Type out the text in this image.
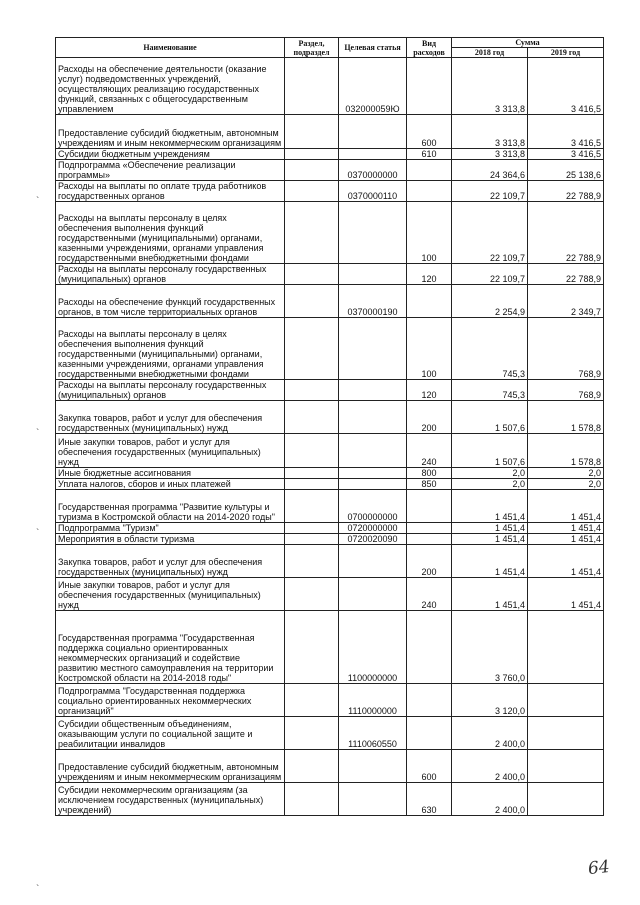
Наименование	Раздел, подраздел	Целевая статья	Вид расходов	Сумма	
				2018 год	2019 год
Расходы на обеспечение деятельности (оказание услуг) подведомственных учреждений, осуществляющих реализацию государственных функций, связанных с общегосударственным управлением		032000059Ю		3 313,8	3 416,5
Предоставление субсидий бюджетным, автономным учреждениям и иным некоммерческим организациям			600	3 313,8	3 416,5
Субсидии бюджетным учреждениям			610	3 313,8	3 416,5
Подпрограмма «Обеспечение реализации программы»		0370000000		24 364,6	25 138,6
Расходы на выплаты по оплате труда работников государственных органов		0370000110		22 109,7	22 788,9
Расходы на выплаты персоналу в целях обеспечения выполнения функций государственными (муниципальными) органами, казенными учреждениями, органами управления государственными внебюджетными фондами			100	22 109,7	22 788,9
Расходы на выплаты персоналу государственных (муниципальных) органов			120	22 109,7	22 788,9
Расходы на обеспечение функций государственных органов, в том числе территориальных органов		0370000190		2 254,9	2 349,7
Расходы на выплаты персоналу в целях обеспечения выполнения функций государственными (муниципальными) органами, казенными учреждениями, органами управления государственными внебюджетными фондами			100	745,3	768,9
Расходы на выплаты персоналу государственных (муниципальных) органов			120	745,3	768,9
Закупка товаров, работ и услуг для обеспечения государственных (муниципальных) нужд			200	1 507,6	1 578,8
Иные закупки товаров, работ и услуг для обеспечения государственных (муниципальных) нужд			240	1 507,6	1 578,8
Иные бюджетные ассигнования			800	2,0	2,0
Уплата налогов, сборов и иных платежей			850	2,0	2,0
Государственная программа "Развитие культуры и туризма в Костромской области на 2014-2020 годы"		0700000000		1 451,4	1 451,4
Подпрограмма "Туризм"		0720000000		1 451,4	1 451,4
Мероприятия в области туризма		0720020090		1 451,4	1 451,4
Закупка товаров, работ и услуг для обеспечения государственных (муниципальных) нужд			200	1 451,4	1 451,4
Иные закупки товаров, работ и услуг для обеспечения государственных (муниципальных) нужд			240	1 451,4	1 451,4
Государственная программа "Государственная поддержка социально ориентированных некоммерческих организаций и содействие развитию местного самоуправления на территории Костромской области на 2014-2018 годы"		1100000000		3 760,0	
Подпрограмма "Государственная поддержка социально ориентированных некоммерческих организаций"		1110000000		3 120,0	
Субсидии общественным объединениям, оказывающим услуги по социальной защите и реабилитации инвалидов		1110060550		2 400,0	
Предоставление субсидий бюджетным, автономным учреждениям и иным некоммерческим организациям			600	2 400,0	
Субсидии некоммерческим организациям (за исключением государственных (муниципальных) учреждений)			630	2 400,0	
64
`
`
`
`
